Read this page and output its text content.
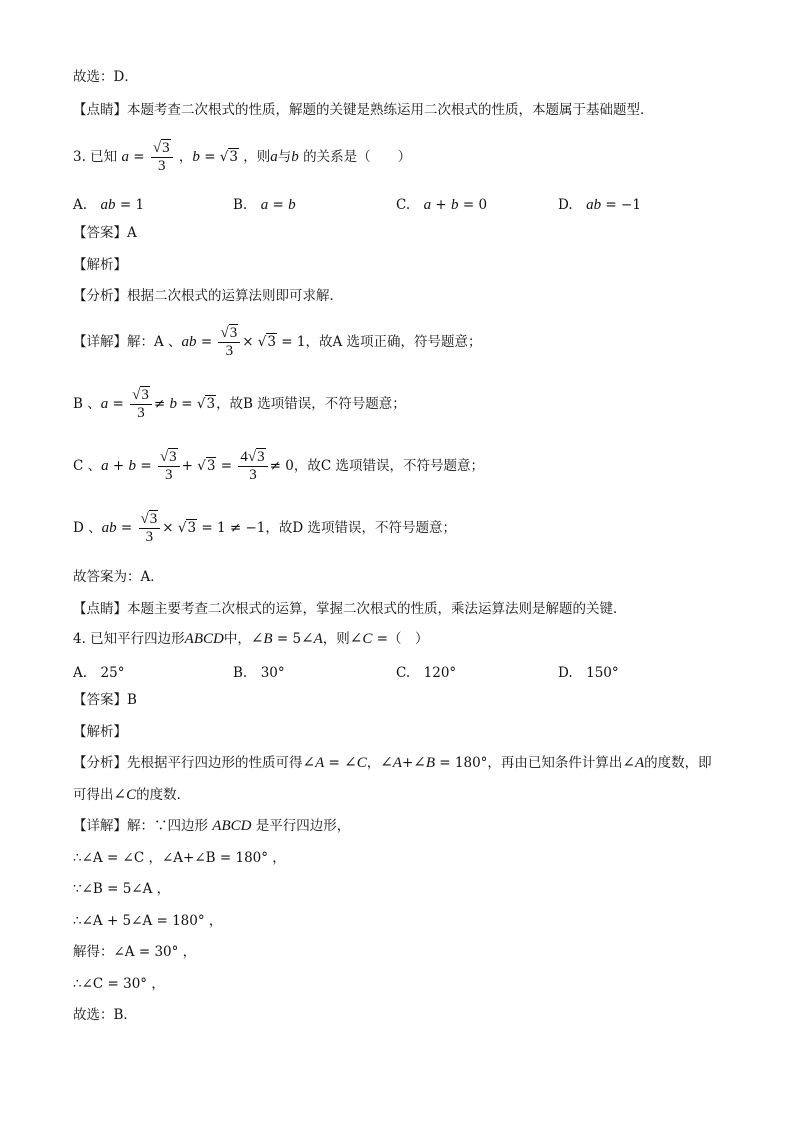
故选：D．
【点睛】本题考查二次根式的性质，解题的关键是熟练运用二次根式的性质，本题属于基础题型．
3. 已知 $a = \frac{√3}{3}$ ，b = √3 ，则a与b 的关系是（　　）
A.　 ab = 1	B.　 a = b	C.　 a + b = 0	D.　 ab = −1
【答案】A
【解析】
【分析】根据二次根式的运算法则即可求解．
【详解】解：A 、ab = $\frac{√3}{3} \times √3 = 1$，故A 选项正确，符号题意；
B 、$a = \frac{√3}{3} \ne b = √3$，故B 选项错误，不符号题意；
C 、$a + b = \frac{√3}{3} + √3 = \frac{4√3}{3} \ne 0$，故C 选项错误，不符号题意；
D 、ab = $\frac{√3}{3} \times √3 = 1 \ne -1$，故D 选项错误，不符号题意；
故答案为：A．
【点睛】本题主要考查二次根式的运算，掌握二次根式的性质，乘法运算法则是解题的关键．
4. 已知平行四边形ABCD中，∠B = 5∠A，则∠C =（　）
A.　25°	B.　30°	C.　120°	D.　150°
【答案】B
【解析】
【分析】先根据平行四边形的性质可得∠A = ∠C，∠A+∠B = 180°，再由已知条件计算出∠A的度数，即
可得出∠C的度数．
【详解】解：∵四边形 ABCD 是平行四边形，
∴∠A = ∠C ，∠A+∠B = 180° ，
∵∠B = 5∠A ，
∴∠A + 5∠A = 180° ，
解得：∠A = 30° ，
∴∠C = 30° ，
故选：B．
